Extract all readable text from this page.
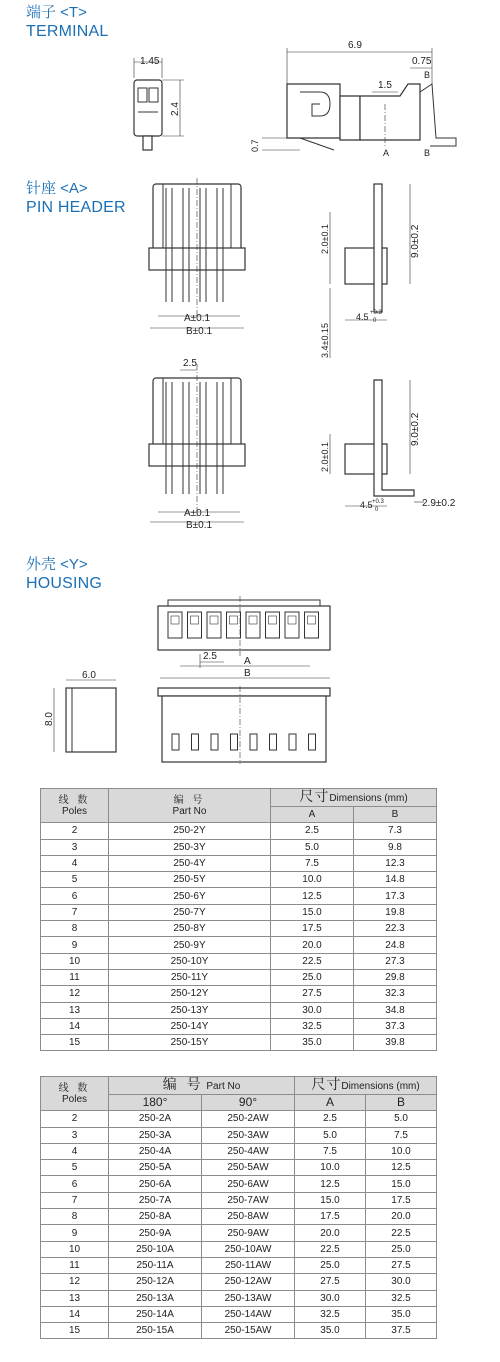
端子 <T>
TERMINAL
1.45
2.4
6.9
0.75
B
1.5
0.7
A	B
针座 <A>
PIN HEADER
A±0.1
B±0.1
2.0±0.1	9.0±0.2
3.4±0.15
4.5 +0.3
0
2.5
A±0.1
B±0.1
2.0±0.1
9.0±0.2
4.5 +0.3
0
2.9±0.2
外壳 <Y>
HOUSING
2.5	A
B
6.0
8.0
线 数
Poles	编 号
Part No	尺寸Dimensions (mm)	
		A	B
2	250-2Y	2.5	7.3
3	250-3Y	5.0	9.8
4	250-4Y	7.5	12.3
5	250-5Y	10.0	14.8
6	250-6Y	12.5	17.3
7	250-7Y	15.0	19.8
8	250-8Y	17.5	22.3
9	250-9Y	20.0	24.8
10	250-10Y	22.5	27.3
11	250-11Y	25.0	29.8
12	250-12Y	27.5	32.3
13	250-13Y	30.0	34.8
14	250-14Y	32.5	37.3
15	250-15Y	35.0	39.8
线 数
Poles	编 号 Part No		尺寸Dimensions (mm)	
	180°	90°	A	B
2	250-2A	250-2AW	2.5	5.0
3	250-3A	250-3AW	5.0	7.5
4	250-4A	250-4AW	7.5	10.0
5	250-5A	250-5AW	10.0	12.5
6	250-6A	250-6AW	12.5	15.0
7	250-7A	250-7AW	15.0	17.5
8	250-8A	250-8AW	17.5	20.0
9	250-9A	250-9AW	20.0	22.5
10	250-10A	250-10AW	22.5	25.0
11	250-11A	250-11AW	25.0	27.5
12	250-12A	250-12AW	27.5	30.0
13	250-13A	250-13AW	30.0	32.5
14	250-14A	250-14AW	32.5	35.0
15	250-15A	250-15AW	35.0	37.5
